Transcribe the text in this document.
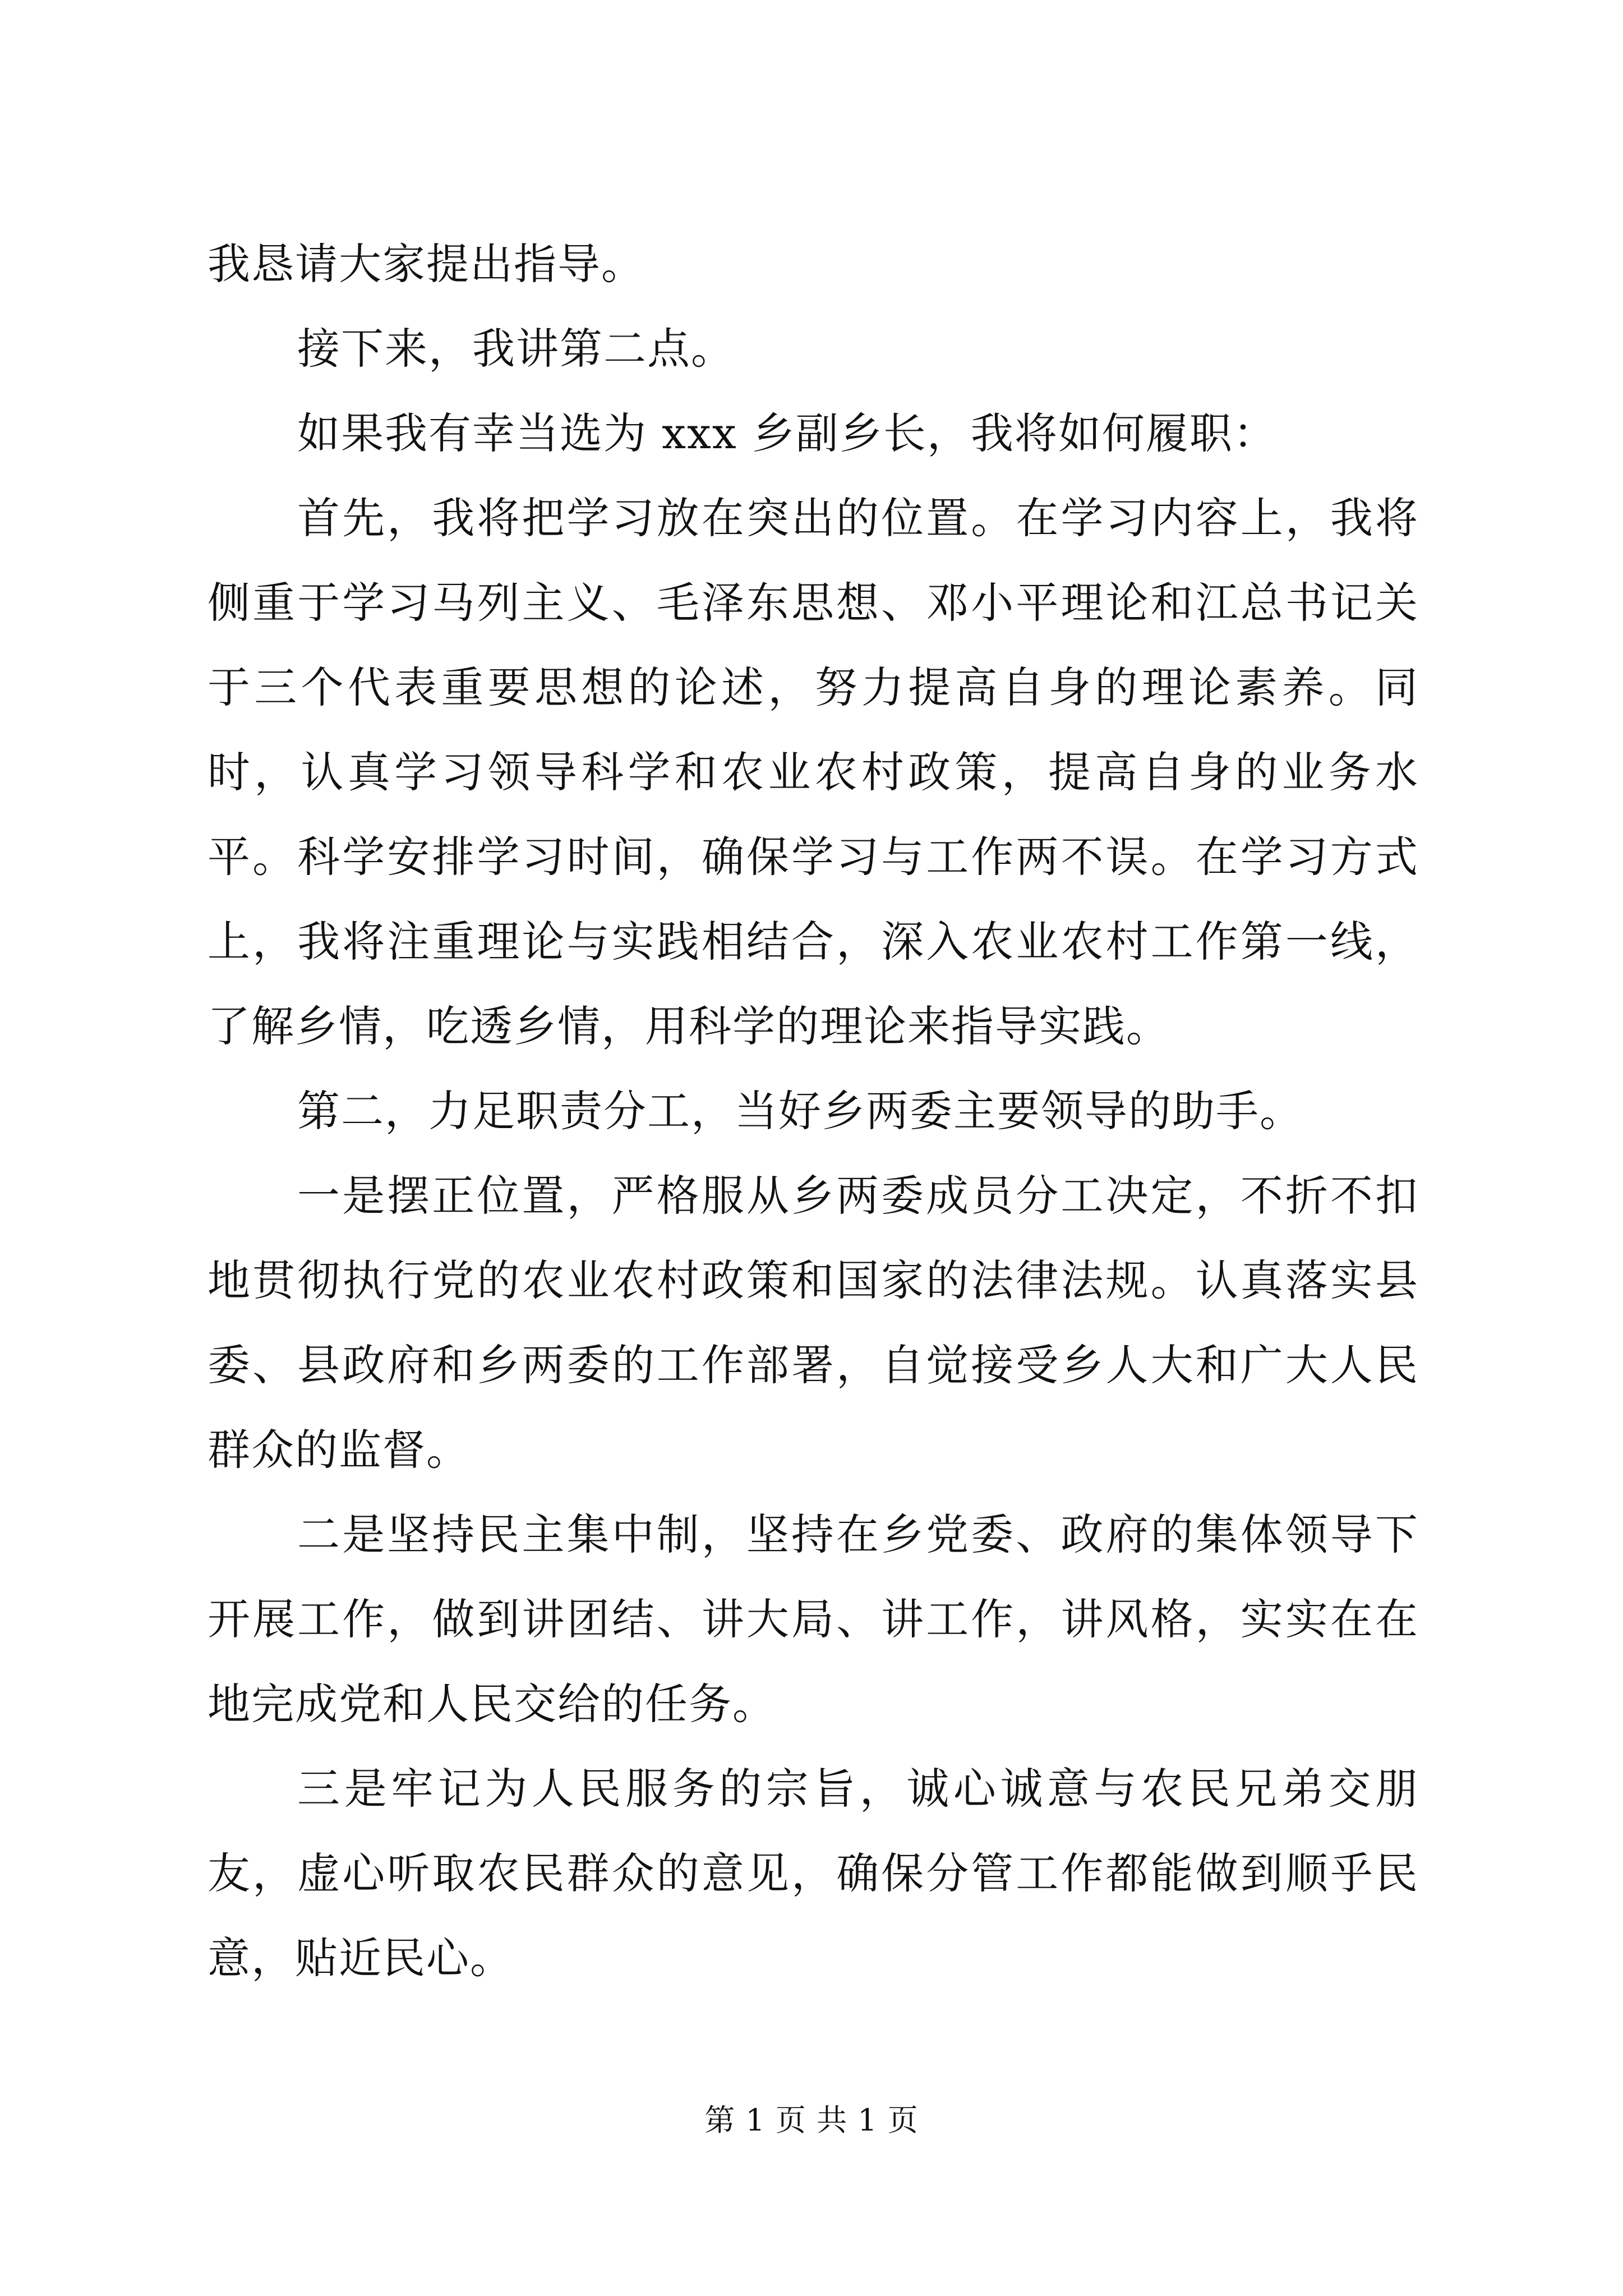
我恳请大家提出指导。

接下来，我讲第二点。

如果我有幸当选为 xxx 乡副乡长，我将如何履职：

首先，我将把学习放在突出的位置。在学习内容上，我将侧重于学习马列主义、毛泽东思想、邓小平理论和江总书记关于三个代表重要思想的论述，努力提高自身的理论素养。同时，认真学习领导科学和农业农村政策，提高自身的业务水平。科学安排学习时间，确保学习与工作两不误。在学习方式上，我将注重理论与实践相结合，深入农业农村工作第一线，了解乡情，吃透乡情，用科学的理论来指导实践。

第二，力足职责分工，当好乡两委主要领导的助手。

一是摆正位置，严格服从乡两委成员分工决定，不折不扣地贯彻执行党的农业农村政策和国家的法律法规。认真落实县委、县政府和乡两委的工作部署，自觉接受乡人大和广大人民群众的监督。

二是坚持民主集中制，坚持在乡党委、政府的集体领导下开展工作，做到讲团结、讲大局、讲工作，讲风格，实实在在地完成党和人民交给的任务。

三是牢记为人民服务的宗旨，诚心诚意与农民兄弟交朋友，虚心听取农民群众的意见，确保分管工作都能做到顺乎民意，贴近民心。

第 1 页 共 1 页
